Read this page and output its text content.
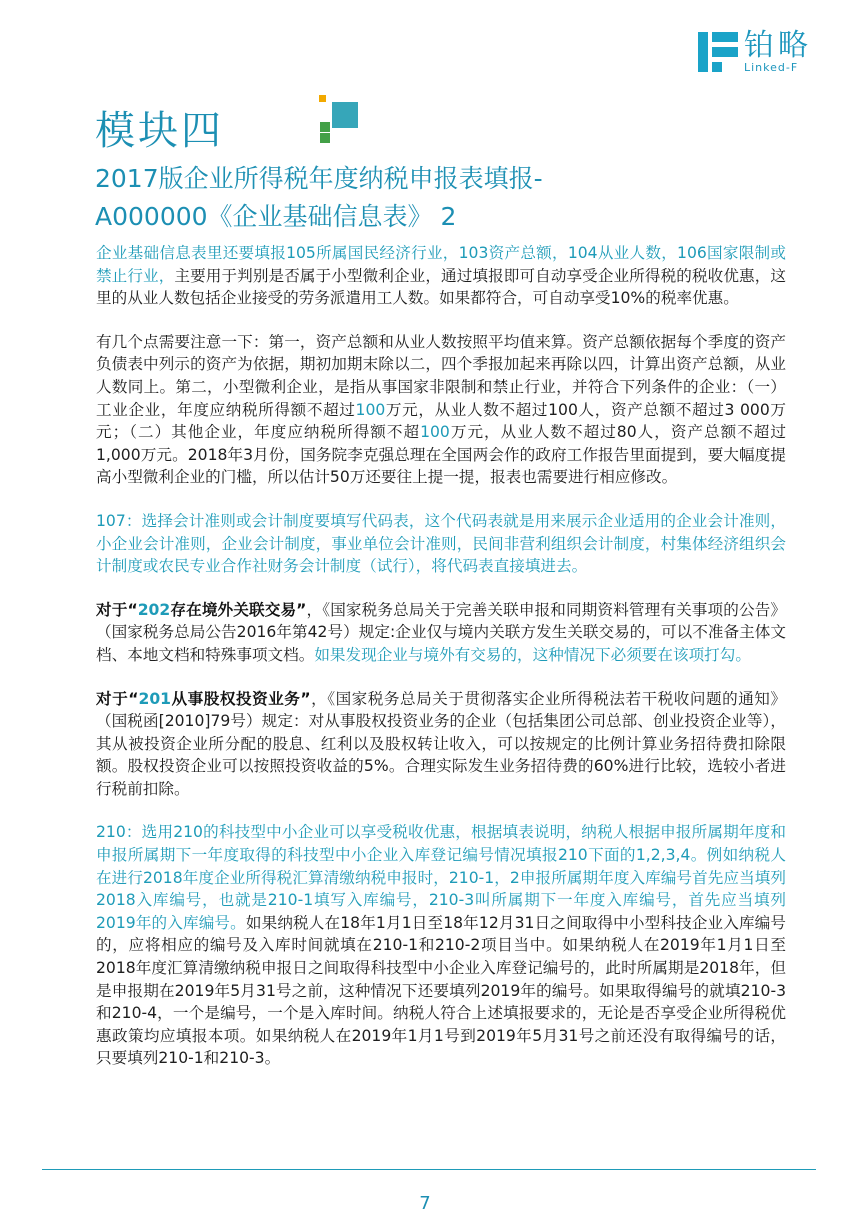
铂略
Linked-F
模块四
2017版企业所得税年度纳税申报表填报-
A000000《企业基础信息表》 2

企业基础信息表里还要填报105所属国民经济行业，103资产总额，104从业人数，106国家限制或禁止行业，主要用于判别是否属于小型微利企业，通过填报即可自动享受企业所得税的税收优惠，这里的从业人数包括企业接受的劳务派遣用工人数。如果都符合，可自动享受10%的税率优惠。

有几个点需要注意一下：第一，资产总额和从业人数按照平均值来算。资产总额依据每个季度的资产负债表中列示的资产为依据，期初加期末除以二，四个季报加起来再除以四，计算出资产总额，从业人数同上。第二，小型微利企业，是指从事国家非限制和禁止行业，并符合下列条件的企业：（一）工业企业，年度应纳税所得额不超过100万元，从业人数不超过100人，资产总额不超过3 000万元；（二）其他企业，年度应纳税所得额不超100万元，从业人数不超过80人，资产总额不超过1,000万元。2018年3月份，国务院李克强总理在全国两会作的政府工作报告里面提到，要大幅度提高小型微利企业的门槛，所以估计50万还要往上提一提，报表也需要进行相应修改。

107：选择会计准则或会计制度要填写代码表，这个代码表就是用来展示企业适用的企业会计准则，小企业会计准则，企业会计制度，事业单位会计准则，民间非营利组织会计制度，村集体经济组织会计制度或农民专业合作社财务会计制度（试行），将代码表直接填进去。

对于“202存在境外关联交易”，《国家税务总局关于完善关联申报和同期资料管理有关事项的公告》（国家税务总局公告2016年第42号）规定:企业仅与境内关联方发生关联交易的，可以不准备主体文档、本地文档和特殊事项文档。如果发现企业与境外有交易的，这种情况下必须要在该项打勾。

对于“201从事股权投资业务”，《国家税务总局关于贯彻落实企业所得税法若干税收问题的通知》（国税函[2010]79号）规定：对从事股权投资业务的企业（包括集团公司总部、创业投资企业等），其从被投资企业所分配的股息、红利以及股权转让收入，可以按规定的比例计算业务招待费扣除限额。股权投资企业可以按照投资收益的5%。合理实际发生业务招待费的60%进行比较，选较小者进行税前扣除。

210：选用210的科技型中小企业可以享受税收优惠，根据填表说明，纳税人根据申报所属期年度和申报所属期下一年度取得的科技型中小企业入库登记编号情况填报210下面的1,2,3,4。例如纳税人在进行2018年度企业所得税汇算清缴纳税申报时，210-1，2申报所属期年度入库编号首先应当填列2018入库编号，也就是210-1填写入库编号，210-3叫所属期下一年度入库编号，首先应当填列2019年的入库编号。如果纳税人在18年1月1日至18年12月31日之间取得中小型科技企业入库编号的，应将相应的编号及入库时间就填在210-1和210-2项目当中。如果纳税人在2019年1月1日至2018年度汇算清缴纳税申报日之间取得科技型中小企业入库登记编号的，此时所属期是2018年，但是申报期在2019年5月31号之前，这种情况下还要填列2019年的编号。如果取得编号的就填210-3和210-4，一个是编号，一个是入库时间。纳税人符合上述填报要求的，无论是否享受企业所得税优惠政策均应填报本项。如果纳税人在2019年1月1号到2019年5月31号之前还没有取得编号的话，只要填列210-1和210-3。

7
